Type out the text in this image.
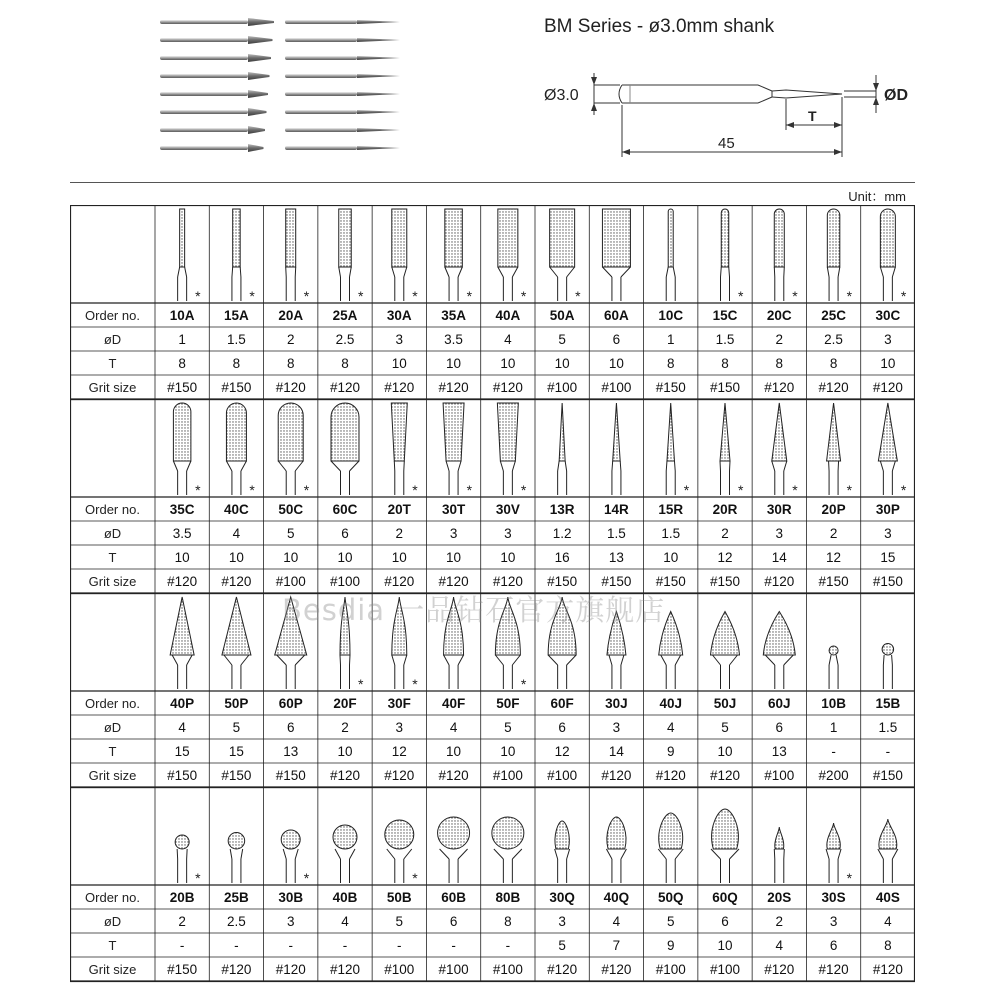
BM Series - ø3.0mm shank
Ø3.0	ØD
T
45
Unit：mm
Order no.
øD
T
Grit size
*
10A
1
8
#150
*
15A
1.5
8
#150
*
20A
2
8
#120
*
25A
2.5
8
#120
*
30A
3
10
#120
*
35A
3.5
10
#120
*
40A
4
10
#120
*
50A
5
10
#100
60A
6
10
#100
10C
1
8
#150
*
15C
1.5
8
#150
*
20C
2
8
#120
*
25C
2.5
8
#120
*
30C
3
10
#120
Order no.
øD
T
Grit size
*
35C
3.5
10
#120
*
40C
4
10
#120
*
50C
5
10
#100
60C
6
10
#100
*
20T
2
10
#120
*
30T
3
10
#120
*
30V
3
10
#120
13R
1.2
16
#150
14R
1.5
13
#150
*
15R
1.5
10
#150
*
20R
2
12
#150
*
30R
3
14
#120
*
20P
2
12
#150
*
30P
3
15
#150
Order no.
øD
T
Grit size
40P
4
15
#150
50P
5
15
#150
60P
6
13
#150
*
20F
2
10
#120
*
30F
3
12
#120
40F
4
10
#120
*
50F
5
10
#100
60F
6
12
#100
30J
3
14
#120
40J
4
9
#120
50J
5
10
#120
60J
6
13
#100
10B
1
-
#200
15B
1.5
-
#150
Order no.
øD
T
Grit size
*
20B
2
-
#150
25B
2.5
-
#120
*
30B
3
-
#120
40B
4
-
#120
*
50B
5
-
#100
60B
6
-
#100
80B
8
-
#100
30Q
3
5
#120
40Q
4
7
#120
50Q
5
9
#100
60Q
6
10
#100
20S
2
4
#120
*
30S
3
6
#120
40S
4
8
#120
Besdia 一品钻石官方旗舰店
